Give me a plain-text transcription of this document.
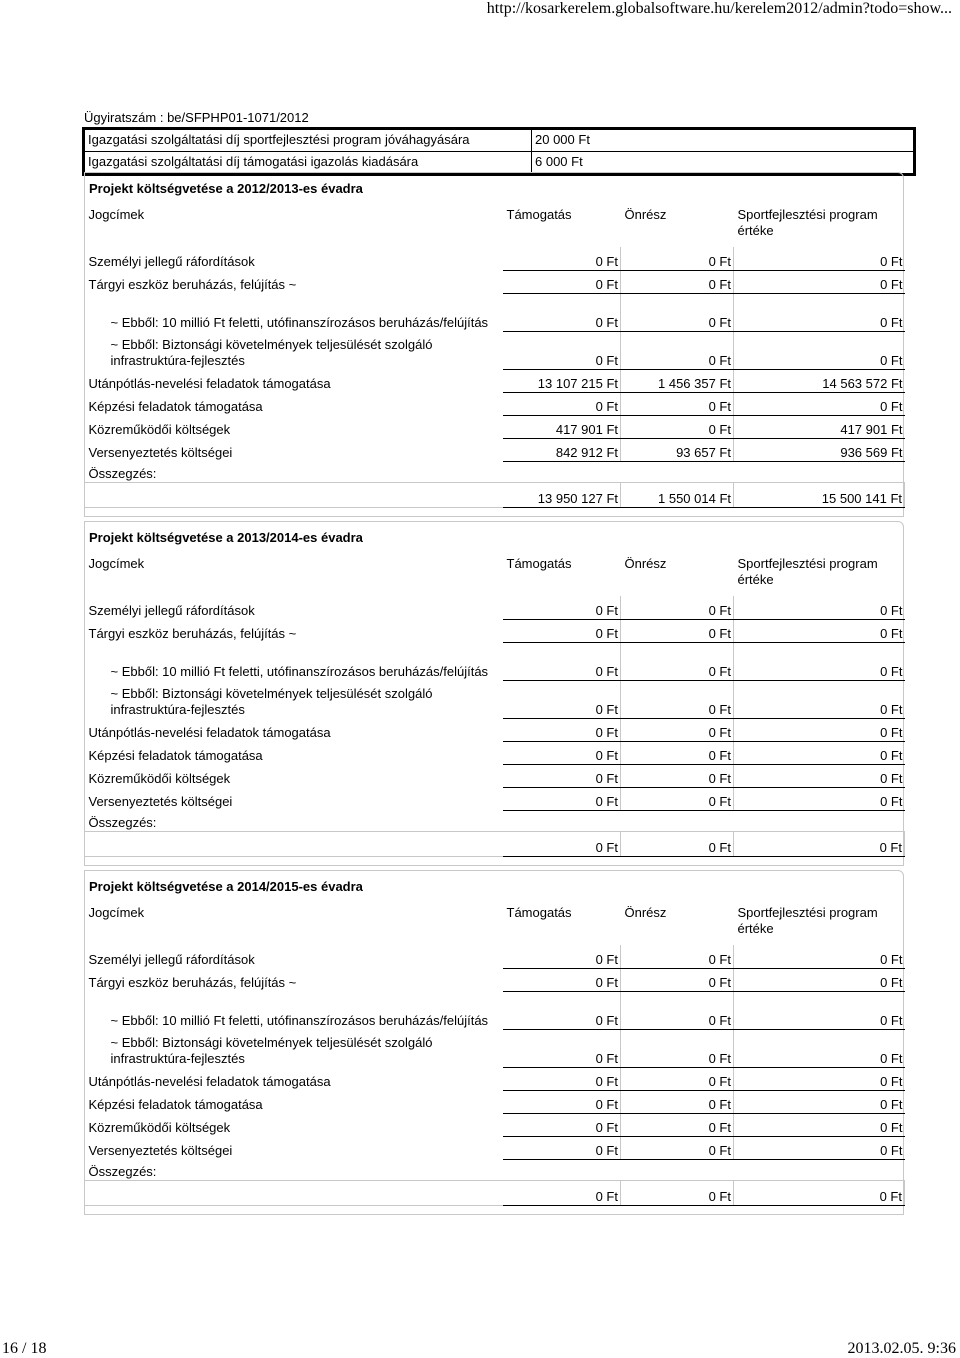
http://kosarkerelem.globalsoftware.hu/kerelem2012/admin?todo=show...
Ügyiratszám : be/SFPHP01-1071/2012
Igazgatási szolgáltatási díj sportfejlesztési program jóváhagyására	20 000 Ft
Igazgatási szolgáltatási díj támogatási igazolás kiadására	6 000 Ft
Projekt költségvetése a 2012/2013-es évadra
Jogcímek	Támogatás	Önrész	Sportfejlesztési program értéke
Személyi jellegű ráfordítások	0 Ft	0 Ft	0 Ft
Tárgyi eszköz beruházás, felújítás ~	0 Ft	0 Ft	0 Ft
~ Ebből: 10 millió Ft feletti, utófinanszírozásos beruházás/felújítás	0 Ft	0 Ft	0 Ft
~ Ebből: Biztonsági követelmények teljesülését szolgáló infrastruktúra-fejlesztés	0 Ft	0 Ft	0 Ft
Utánpótlás-nevelési feladatok támogatása	13 107 215 Ft	1 456 357 Ft	14 563 572 Ft
Képzési feladatok támogatása	0 Ft	0 Ft	0 Ft
Közreműködői költségek	417 901 Ft	0 Ft	417 901 Ft
Versenyeztetés költségei	842 912 Ft	93 657 Ft	936 569 Ft
Összegzés:			
	13 950 127 Ft	1 550 014 Ft	15 500 141 Ft
Projekt költségvetése a 2013/2014-es évadra
Jogcímek	Támogatás	Önrész	Sportfejlesztési program értéke
Személyi jellegű ráfordítások	0 Ft	0 Ft	0 Ft
Tárgyi eszköz beruházás, felújítás ~	0 Ft	0 Ft	0 Ft
~ Ebből: 10 millió Ft feletti, utófinanszírozásos beruházás/felújítás	0 Ft	0 Ft	0 Ft
~ Ebből: Biztonsági követelmények teljesülését szolgáló infrastruktúra-fejlesztés	0 Ft	0 Ft	0 Ft
Utánpótlás-nevelési feladatok támogatása	0 Ft	0 Ft	0 Ft
Képzési feladatok támogatása	0 Ft	0 Ft	0 Ft
Közreműködői költségek	0 Ft	0 Ft	0 Ft
Versenyeztetés költségei	0 Ft	0 Ft	0 Ft
Összegzés:			
	0 Ft	0 Ft	0 Ft
Projekt költségvetése a 2014/2015-es évadra
Jogcímek	Támogatás	Önrész	Sportfejlesztési program értéke
Személyi jellegű ráfordítások	0 Ft	0 Ft	0 Ft
Tárgyi eszköz beruházás, felújítás ~	0 Ft	0 Ft	0 Ft
~ Ebből: 10 millió Ft feletti, utófinanszírozásos beruházás/felújítás	0 Ft	0 Ft	0 Ft
~ Ebből: Biztonsági követelmények teljesülését szolgáló infrastruktúra-fejlesztés	0 Ft	0 Ft	0 Ft
Utánpótlás-nevelési feladatok támogatása	0 Ft	0 Ft	0 Ft
Képzési feladatok támogatása	0 Ft	0 Ft	0 Ft
Közreműködői költségek	0 Ft	0 Ft	0 Ft
Versenyeztetés költségei	0 Ft	0 Ft	0 Ft
Összegzés:			
	0 Ft	0 Ft	0 Ft
16 / 18	2013.02.05. 9:36
